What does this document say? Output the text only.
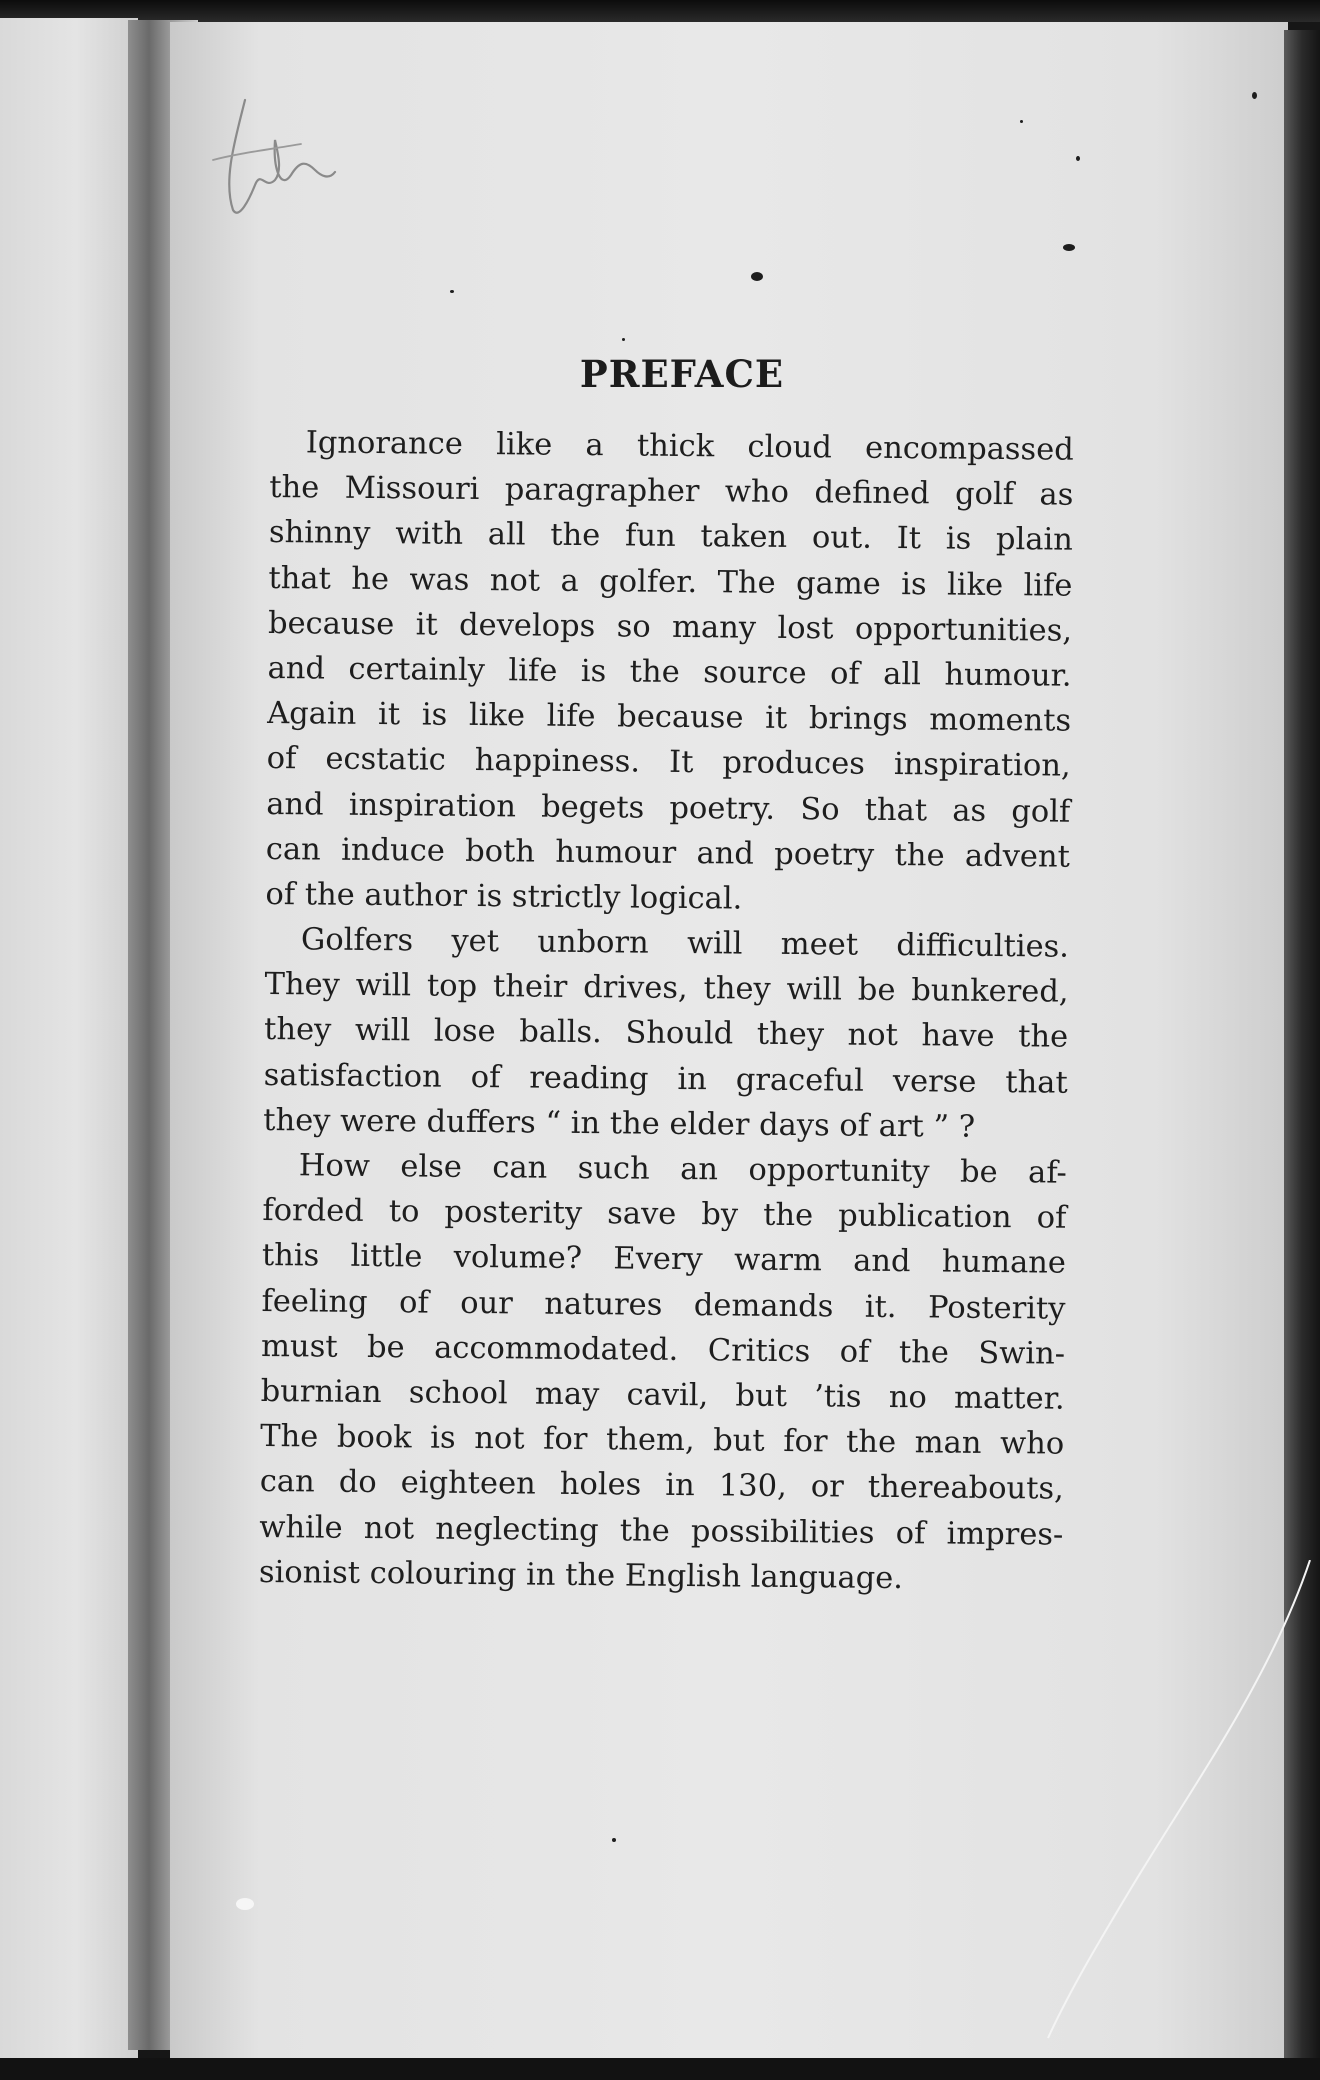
PREFACE
Ignorance like a thick cloud encompassed
the Missouri paragrapher who defined golf as
shinny with all the fun taken out. It is plain
that he was not a golfer. The game is like life
because it develops so many lost opportunities,
and certainly life is the source of all humour.
Again it is like life because it brings moments
of ecstatic happiness. It produces inspiration,
and inspiration begets poetry. So that as golf
can induce both humour and poetry the advent
of the author is strictly logical.
Golfers yet unborn will meet difficulties.
They will top their drives, they will be bunkered,
they will lose balls. Should they not have the
satisfaction of reading in graceful verse that
they were duffers “ in the elder days of art ” ?
How else can such an opportunity be af-
forded to posterity save by the publication of
this little volume? Every warm and humane
feeling of our natures demands it. Posterity
must be accommodated. Critics of the Swin-
burnian school may cavil, but ’tis no matter.
The book is not for them, but for the man who
can do eighteen holes in 130, or thereabouts,
while not neglecting the possibilities of impres-
sionist colouring in the English language.
